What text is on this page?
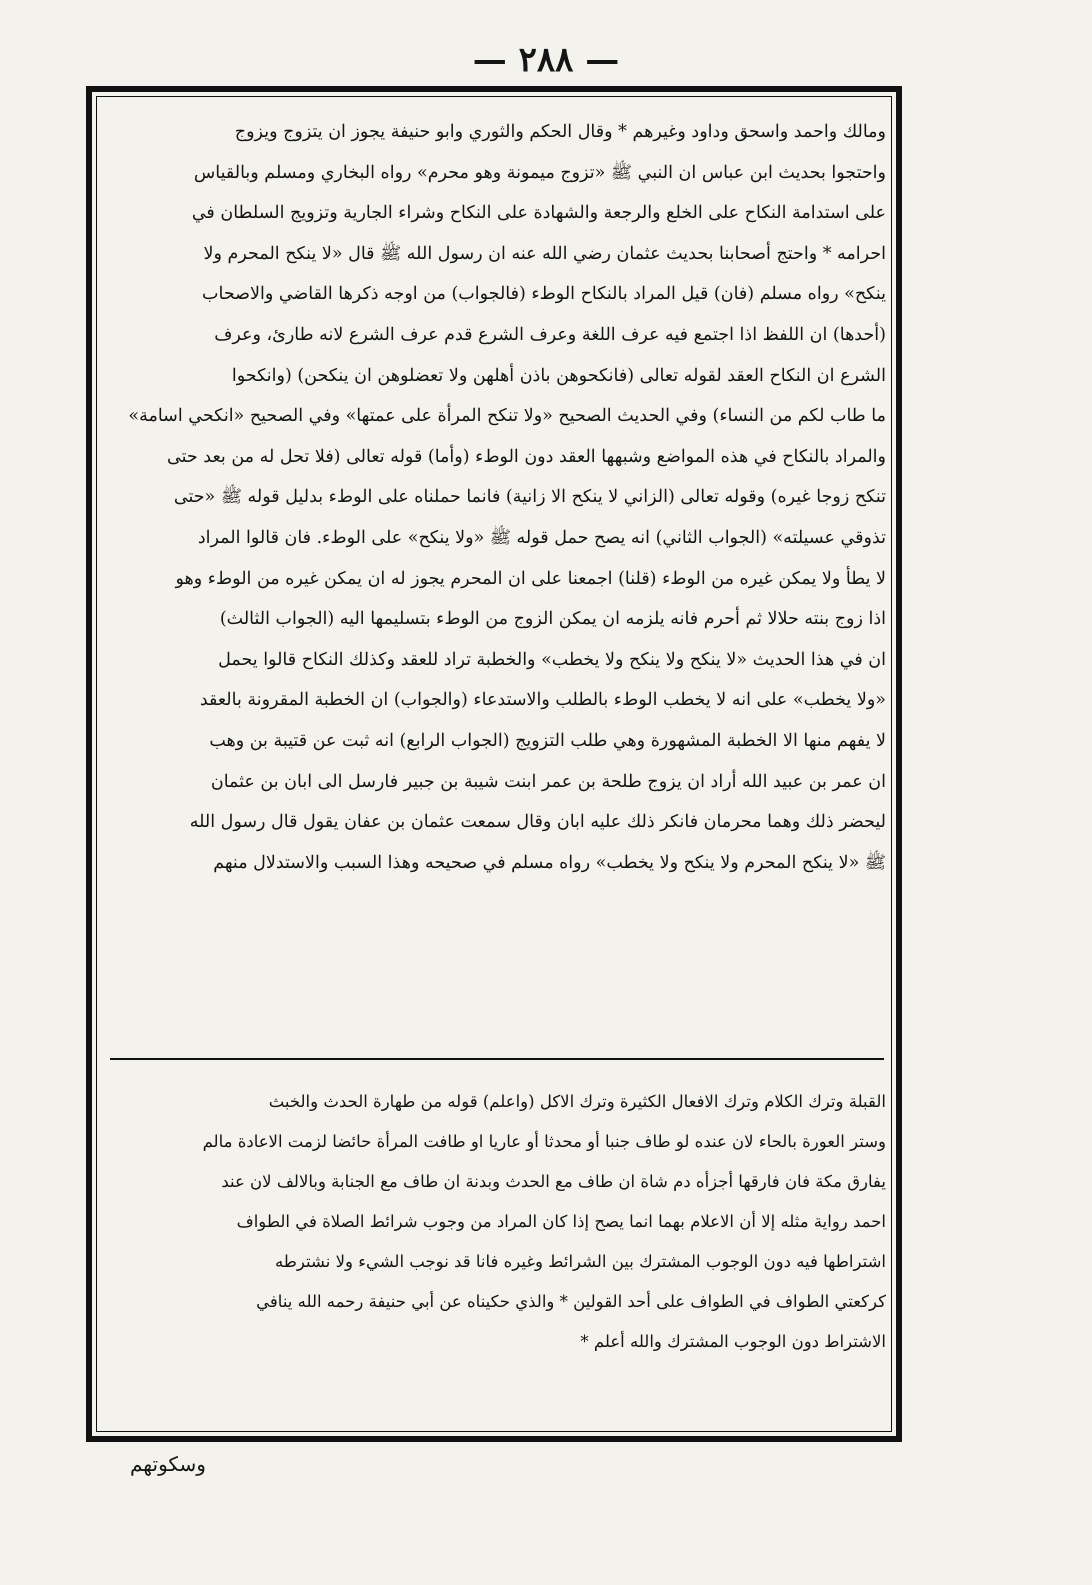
— ٢٨٨ —
ومالك واحمد واسحق وداود وغيرهم * وقال الحكم والثوري وابو حنيفة يجوز ان يتزوج ويزوج
واحتجوا بحديث ابن عباس ان النبي ﷺ «تزوج ميمونة وهو محرم» رواه البخاري ومسلم وبالقياس
على استدامة النكاح على الخلع والرجعة والشهادة على النكاح وشراء الجارية وتزويج السلطان في
احرامه * واحتج أصحابنا بحديث عثمان رضي الله عنه ان رسول الله ﷺ قال «لا ينكح المحرم ولا
ينكح» رواه مسلم (فان) قيل المراد بالنكاح الوطء (فالجواب) من اوجه ذكرها القاضي والاصحاب
(أحدها) ان اللفظ اذا اجتمع فيه عرف اللغة وعرف الشرع قدم عرف الشرع لانه طارئ، وعرف
الشرع ان النكاح العقد لقوله تعالى (فانكحوهن باذن أهلهن ولا تعضلوهن ان ينكحن) (وانكحوا
ما طاب لكم من النساء) وفي الحديث الصحيح «ولا تنكح المرأة على عمتها» وفي الصحيح «انكحي اسامة»
والمراد بالنكاح في هذه المواضع وشبهها العقد دون الوطء (وأما) قوله تعالى (فلا تحل له من بعد حتى
تنكح زوجا غيره) وقوله تعالى (الزاني لا ينكح الا زانية) فانما حملناه على الوطء بدليل قوله ﷺ «حتى
تذوقي عسيلته» (الجواب الثاني) انه يصح حمل قوله ﷺ «ولا ينكح» على الوطء. فان قالوا المراد
لا يطأ ولا يمكن غيره من الوطء (قلنا) اجمعنا على ان المحرم يجوز له ان يمكن غيره من الوطء وهو
اذا زوج بنته حلالا ثم أحرم فانه يلزمه ان يمكن الزوج من الوطء بتسليمها اليه (الجواب الثالث)
ان في هذا الحديث «لا ينكح ولا ينكح ولا يخطب» والخطبة تراد للعقد وكذلك النكاح قالوا يحمل
«ولا يخطب» على انه لا يخطب الوطء بالطلب والاستدعاء (والجواب) ان الخطبة المقرونة بالعقد
لا يفهم منها الا الخطبة المشهورة وهي طلب التزويج (الجواب الرابع) انه ثبت عن قتيبة بن وهب
ان عمر بن عبيد الله أراد ان يزوج طلحة بن عمر ابنت شيبة بن جبير فارسل الى ابان بن عثمان
ليحضر ذلك وهما محرمان فانكر ذلك عليه ابان وقال سمعت عثمان بن عفان يقول قال رسول الله
ﷺ «لا ينكح المحرم ولا ينكح ولا يخطب» رواه مسلم في صحيحه وهذا السبب والاستدلال منهم
القبلة وترك الكلام وترك الافعال الكثيرة وترك الاكل (واعلم) قوله من طهارة الحدث والخبث
وستر العورة بالحاء لان عنده لو طاف جنبا أو محدثا أو عاريا او طافت المرأة حائضا لزمت الاعادة مالم
يفارق مكة فان فارقها أجزأه دم شاة ان طاف مع الحدث وبدنة ان طاف مع الجنابة وبالالف لان عند
احمد رواية مثله إلا أن الاعلام بهما انما يصح إذا كان المراد من وجوب شرائط الصلاة في الطواف
اشتراطها فيه دون الوجوب المشترك بين الشرائط وغيره فانا قد نوجب الشيء ولا نشترطه
كركعتي الطواف في الطواف على أحد القولين * والذي حكيناه عن أبي حنيفة رحمه الله ينافي
الاشتراط دون الوجوب المشترك والله أعلم *
وسكوتهم
